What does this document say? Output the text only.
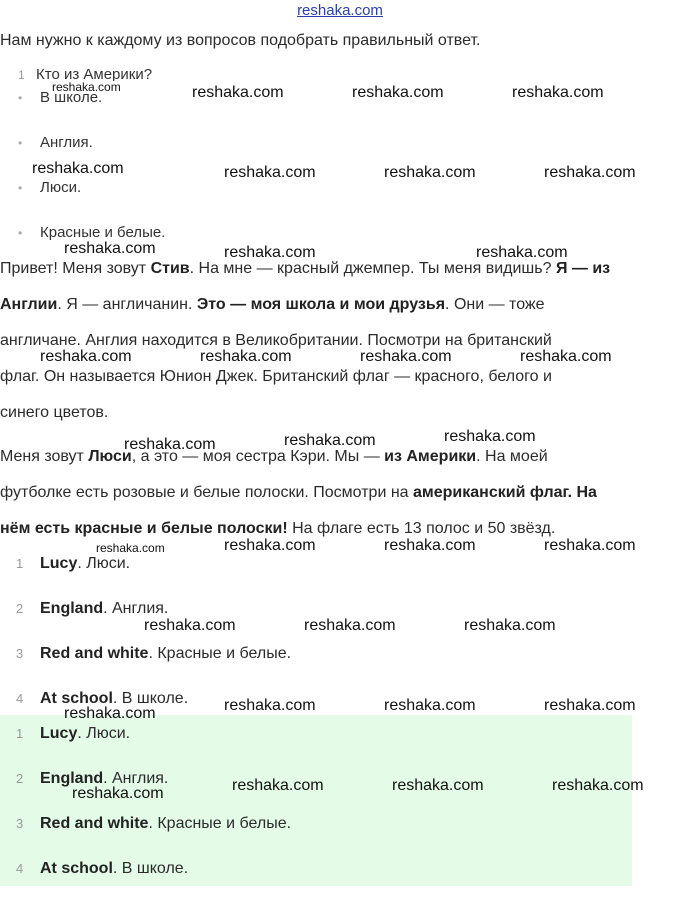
reshaka.com
Нам нужно к каждому из вопросов подобрать правильный ответ.
1 Кто из Америки?
• В школе.
• Англия.
• Люси.
• Красные и белые.
Привет! Меня зовут Стив. На мне — красный джемпер. Ты меня видишь? Я — из
Англии. Я — англичанин. Это — моя школа и мои друзья. Они — тоже
англичане. Англия находится в Великобритании. Посмотри на британский
флаг. Он называется Юнион Джек. Британский флаг — красного, белого и
синего цветов.
Меня зовут Люси, а это — моя сестра Кэри. Мы — из Америки. На моей
футболке есть розовые и белые полоски. Посмотри на американский флаг. На
нём есть красные и белые полоски! На флаге есть 13 полос и 50 звёзд.
1	Lucy. Люси.
2	England. Англия.
3	Red and white. Красные и белые.
4	At school. В школе.
1	Lucy. Люси.
2	England. Англия.
3	Red and white. Красные и белые.
4	At school. В школе.
reshaka.com	reshaka.com	reshaka.com	reshaka.com
reshaka.com	reshaka.com	reshaka.com	reshaka.com
reshaka.com	reshaka.com	reshaka.com
reshaka.com	reshaka.com	reshaka.com	reshaka.com
reshaka.com	reshaka.com	reshaka.com
reshaka.com	reshaka.com	reshaka.com	reshaka.com
reshaka.com	reshaka.com	reshaka.com
reshaka.com	reshaka.com	reshaka.com	reshaka.com
reshaka.com	reshaka.com	reshaka.com	reshaka.com
